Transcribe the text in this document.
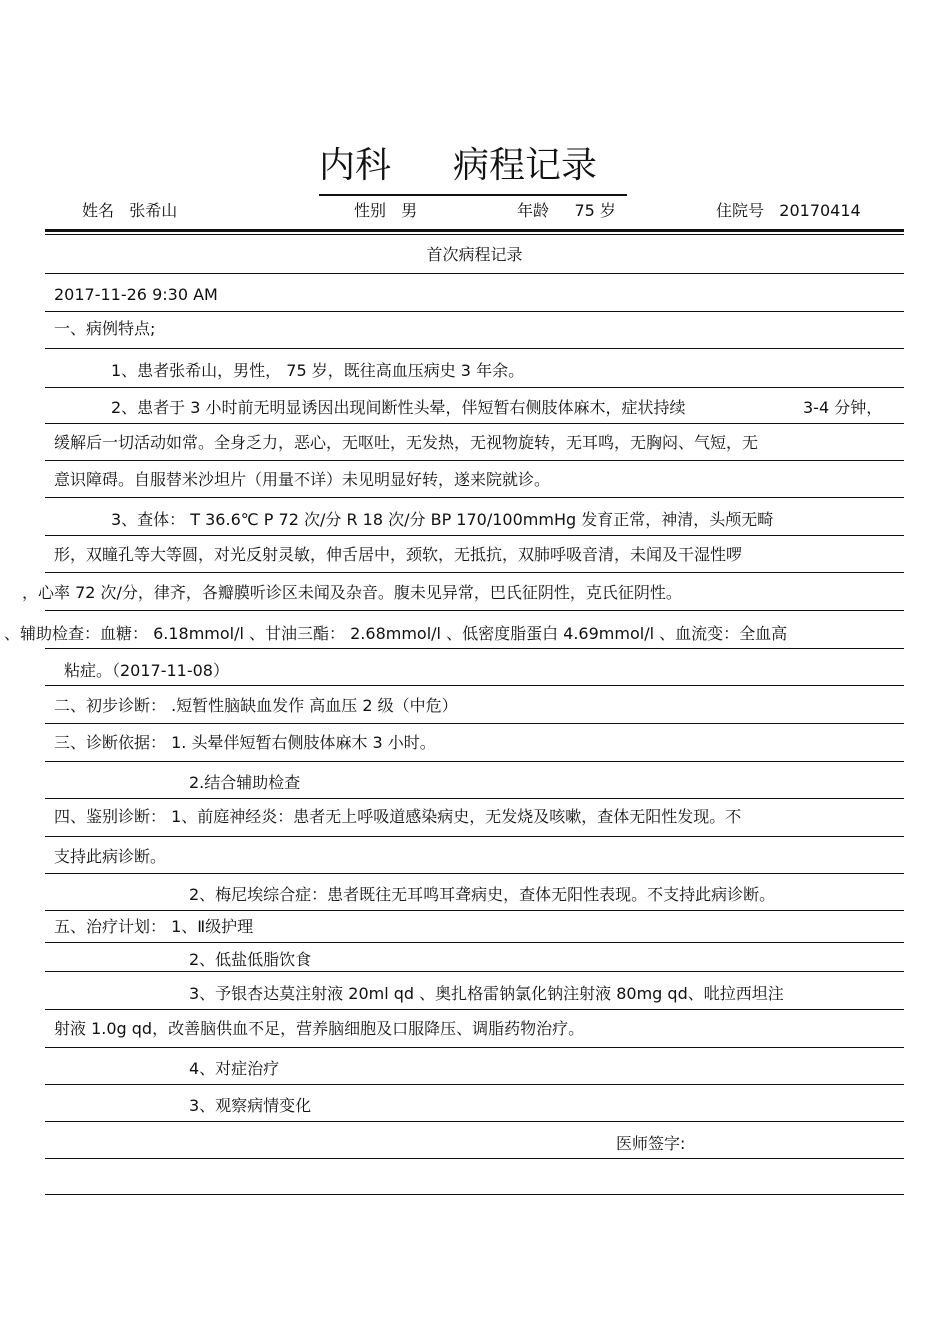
内科 病程记录
姓名 张希山	性别 男	年龄 75 岁	住院号 20170414
首次病程记录
2017-11-26 9:30 AM
一、病例特点;
1、患者张希山，男性， 75 岁，既往高血压病史 3 年余。
2、患者于 3 小时前无明显诱因出现间断性头晕，伴短暂右侧肢体麻木，症状持续	3-4 分钟，
缓解后一切活动如常。全身乏力，恶心，无呕吐，无发热，无视物旋转，无耳鸣，无胸闷、气短，无
意识障碍。自服替米沙坦片（用量不详）未见明显好转，遂来院就诊。
3、查体： T 36.6℃ P 72 次/分 R 18 次/分 BP 170/100mmHg 发育正常，神清，头颅无畸
形，双瞳孔等大等圆，对光反射灵敏，伸舌居中，颈软，无抵抗，双肺呼吸音清，未闻及干湿性啰
，心率 72 次/分，律齐，各瓣膜听诊区未闻及杂音。腹未见异常，巴氏征阴性，克氏征阴性。
、辅助检查：血糖： 6.18mmol/l 、甘油三酯： 2.68mmol/l 、低密度脂蛋白 4.69mmol/l 、血流变：全血高
粘症。（2017-11-08）
二、初步诊断： .短暂性脑缺血发作 高血压 2 级（中危）
三、诊断依据： 1. 头晕伴短暂右侧肢体麻木 3 小时。
2.结合辅助检查
四、鉴别诊断： 1、前庭神经炎：患者无上呼吸道感染病史，无发烧及咳嗽，查体无阳性发现。不
支持此病诊断。
2、梅尼埃综合症：患者既往无耳鸣耳聋病史，查体无阳性表现。不支持此病诊断。
五、治疗计划： 1、Ⅱ级护理
2、低盐低脂饮食
3、予银杏达莫注射液 20ml qd 、奥扎格雷钠氯化钠注射液 80mg qd、吡拉西坦注
射液 1.0g qd，改善脑供血不足，营养脑细胞及口服降压、调脂药物治疗。
4、对症治疗
3、观察病情变化
医师签字:
